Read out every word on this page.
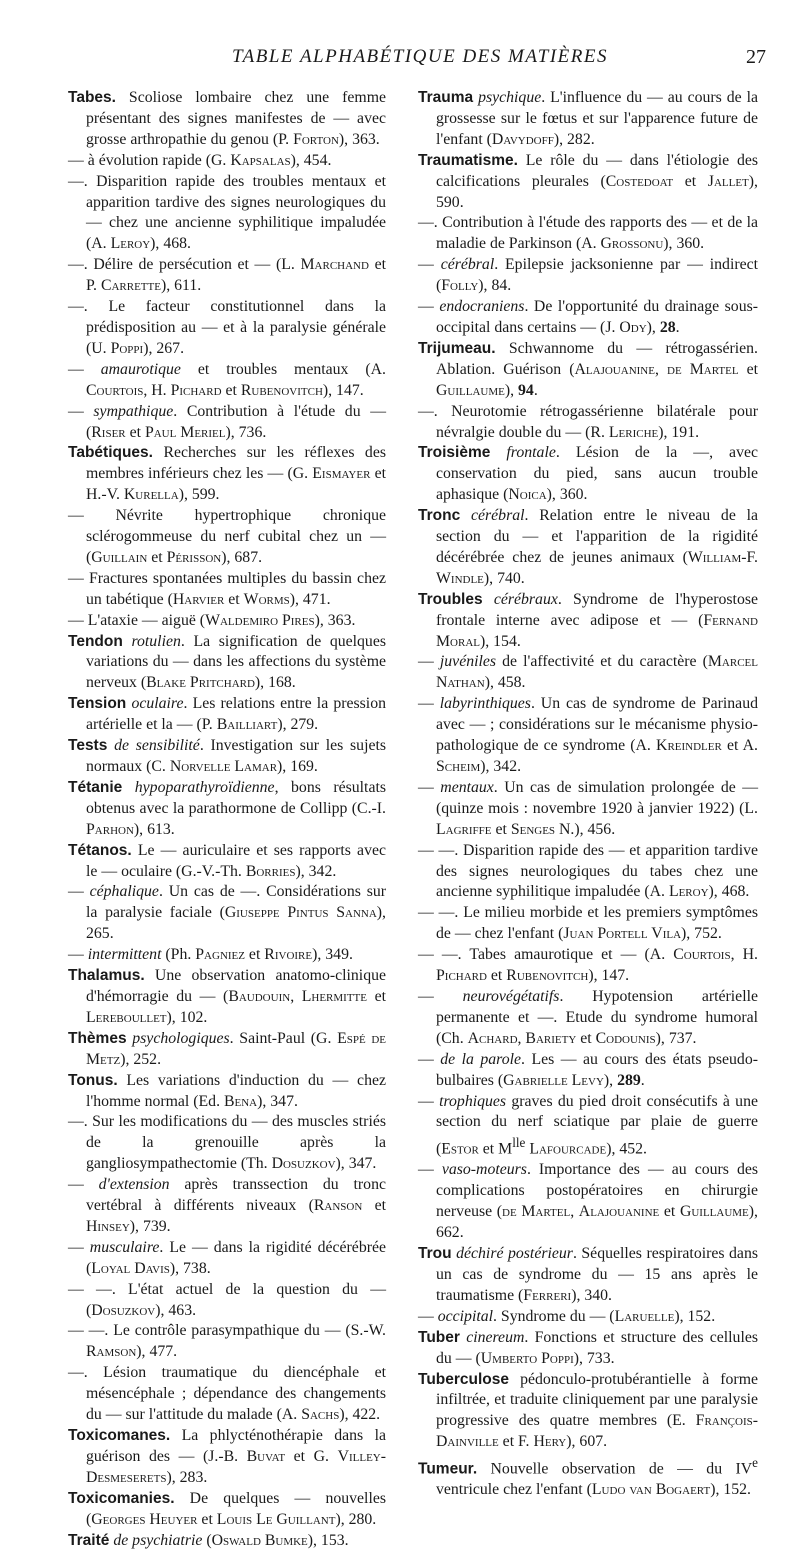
TABLE ALPHABÉTIQUE DES MATIÈRES	27

Tabes. Scoliose lombaire chez une femme présentant des signes manifestes de — avec grosse arthropathie du genou (P. Forton), 363.

— à évolution rapide (G. Kapsalas), 454.

—. Disparition rapide des troubles mentaux et apparition tardive des signes neurologiques du — chez une ancienne syphilitique impaludée (A. Leroy), 468.

—. Délire de persécution et — (L. Marchand et P. Carrette), 611.

—. Le facteur constitutionnel dans la prédisposition au — et à la paralysie générale (U. Poppi), 267.

— amaurotique et troubles mentaux (A. Courtois, H. Pichard et Rubenovitch), 147.

— sympathique. Contribution à l'étude du — (Riser et Paul Meriel), 736.

Tabétiques. Recherches sur les réflexes des membres inférieurs chez les — (G. Eismayer et H.-V. Kurella), 599.

— Névrite hypertrophique chronique sclérogommeuse du nerf cubital chez un — (Guillain et Périsson), 687.

— Fractures spontanées multiples du bassin chez un tabétique (Harvier et Worms), 471.

— L'ataxie — aiguë (Waldemiro Pires), 363.

Tendon rotulien. La signification de quelques variations du — dans les affections du système nerveux (Blake Pritchard), 168.

Tension oculaire. Les relations entre la pression artérielle et la — (P. Bailliart), 279.

Tests de sensibilité. Investigation sur les sujets normaux (C. Norvelle Lamar), 169.

Tétanie hypoparathyroïdienne, bons résultats obtenus avec la parathormone de Collipp (C.-I. Parhon), 613.

Tétanos. Le — auriculaire et ses rapports avec le — oculaire (G.-V.-Th. Borries), 342.

— céphalique. Un cas de —. Considérations sur la paralysie faciale (Giuseppe Pintus Sanna), 265.

— intermittent (Ph. Pagniez et Rivoire), 349.

Thalamus. Une observation anatomo-clinique d'hémorragie du — (Baudouin, Lhermitte et Lereboullet), 102.

Thèmes psychologiques. Saint-Paul (G. Espé de Metz), 252.

Tonus. Les variations d'induction du — chez l'homme normal (Ed. Bena), 347.

—. Sur les modifications du — des muscles striés de la grenouille après la gangliosympathectomie (Th. Dosuzkov), 347.

— d'extension après transsection du tronc vertébral à différents niveaux (Ranson et Hinsey), 739.

— musculaire. Le — dans la rigidité décérébrée (Loyal Davis), 738.

— —. L'état actuel de la question du — (Dosuzkov), 463.

— —. Le contrôle parasympathique du — (S.-W. Ramson), 477.

—. Lésion traumatique du diencéphale et mésencéphale ; dépendance des changements du — sur l'attitude du malade (A. Sachs), 422.

Toxicomanes. La phlycténothérapie dans la guérison des — (J.-B. Buvat et G. Villey-Desmeserets), 283.

Toxicomanies. De quelques — nouvelles (Georges Heuyer et Louis Le Guillant), 280.

Traité de psychiatrie (Oswald Bumke), 153.

Trauma psychique. L'influence du — au cours de la grossesse sur le fœtus et sur l'apparence future de l'enfant (Davydoff), 282.

Traumatisme. Le rôle du — dans l'étiologie des calcifications pleurales (Costedoat et Jallet), 590.

—. Contribution à l'étude des rapports des — et de la maladie de Parkinson (A. Grossonu), 360.

— cérébral. Epilepsie jacksonienne par — indirect (Folly), 84.

— endocraniens. De l'opportunité du drainage sous-occipital dans certains — (J. Ody), 28.

Trijumeau. Schwannome du — rétrogassérien. Ablation. Guérison (Alajouanine, de Martel et Guillaume), 94.

—. Neurotomie rétrogassérienne bilatérale pour névralgie double du — (R. Leriche), 191.

Troisième frontale. Lésion de la —, avec conservation du pied, sans aucun trouble aphasique (Noica), 360.

Tronc cérébral. Relation entre le niveau de la section du — et l'apparition de la rigidité décérébrée chez de jeunes animaux (William-F. Windle), 740.

Troubles cérébraux. Syndrome de l'hyperostose frontale interne avec adipose et — (Fernand Moral), 154.

— juvéniles de l'affectivité et du caractère (Marcel Nathan), 458.

— labyrinthiques. Un cas de syndrome de Parinaud avec — ; considérations sur le mécanisme physio-pathologique de ce syndrome (A. Kreindler et A. Scheim), 342.

— mentaux. Un cas de simulation prolongée de — (quinze mois : novembre 1920 à janvier 1922) (L. Lagriffe et Senges N.), 456.

— —. Disparition rapide des — et apparition tardive des signes neurologiques du tabes chez une ancienne syphilitique impaludée (A. Leroy), 468.

— —. Le milieu morbide et les premiers symptômes de — chez l'enfant (Juan Portell Vila), 752.

— —. Tabes amaurotique et — (A. Courtois, H. Pichard et Rubenovitch), 147.

— neurovégétatifs. Hypotension artérielle permanente et —. Etude du syndrome humoral (Ch. Achard, Bariety et Codounis), 737.

— de la parole. Les — au cours des états pseudo-bulbaires (Gabrielle Levy), 289.

— trophiques graves du pied droit consécutifs à une section du nerf sciatique par plaie de guerre (Estor et $M^{lle}$ Lafourcade), 452.

— vaso-moteurs. Importance des — au cours des complications postopératoires en chirurgie nerveuse (de Martel, Alajouanine et Guillaume), 662.

Trou déchiré postérieur. Séquelles respiratoires dans un cas de syndrome du — 15 ans après le traumatisme (Ferreri), 340.

— occipital. Syndrome du — (Laruelle), 152.

Tuber cinereum. Fonctions et structure des cellules du — (Umberto Poppi), 733.

Tuberculose pédonculo-protubérantielle à forme infiltrée, et traduite cliniquement par une paralysie progressive des quatre membres (E. François-Dainville et F. Hery), 607.

Tumeur. Nouvelle observation de — du IVe ventricule chez l'enfant (Ludo van Bogaert), 152.
